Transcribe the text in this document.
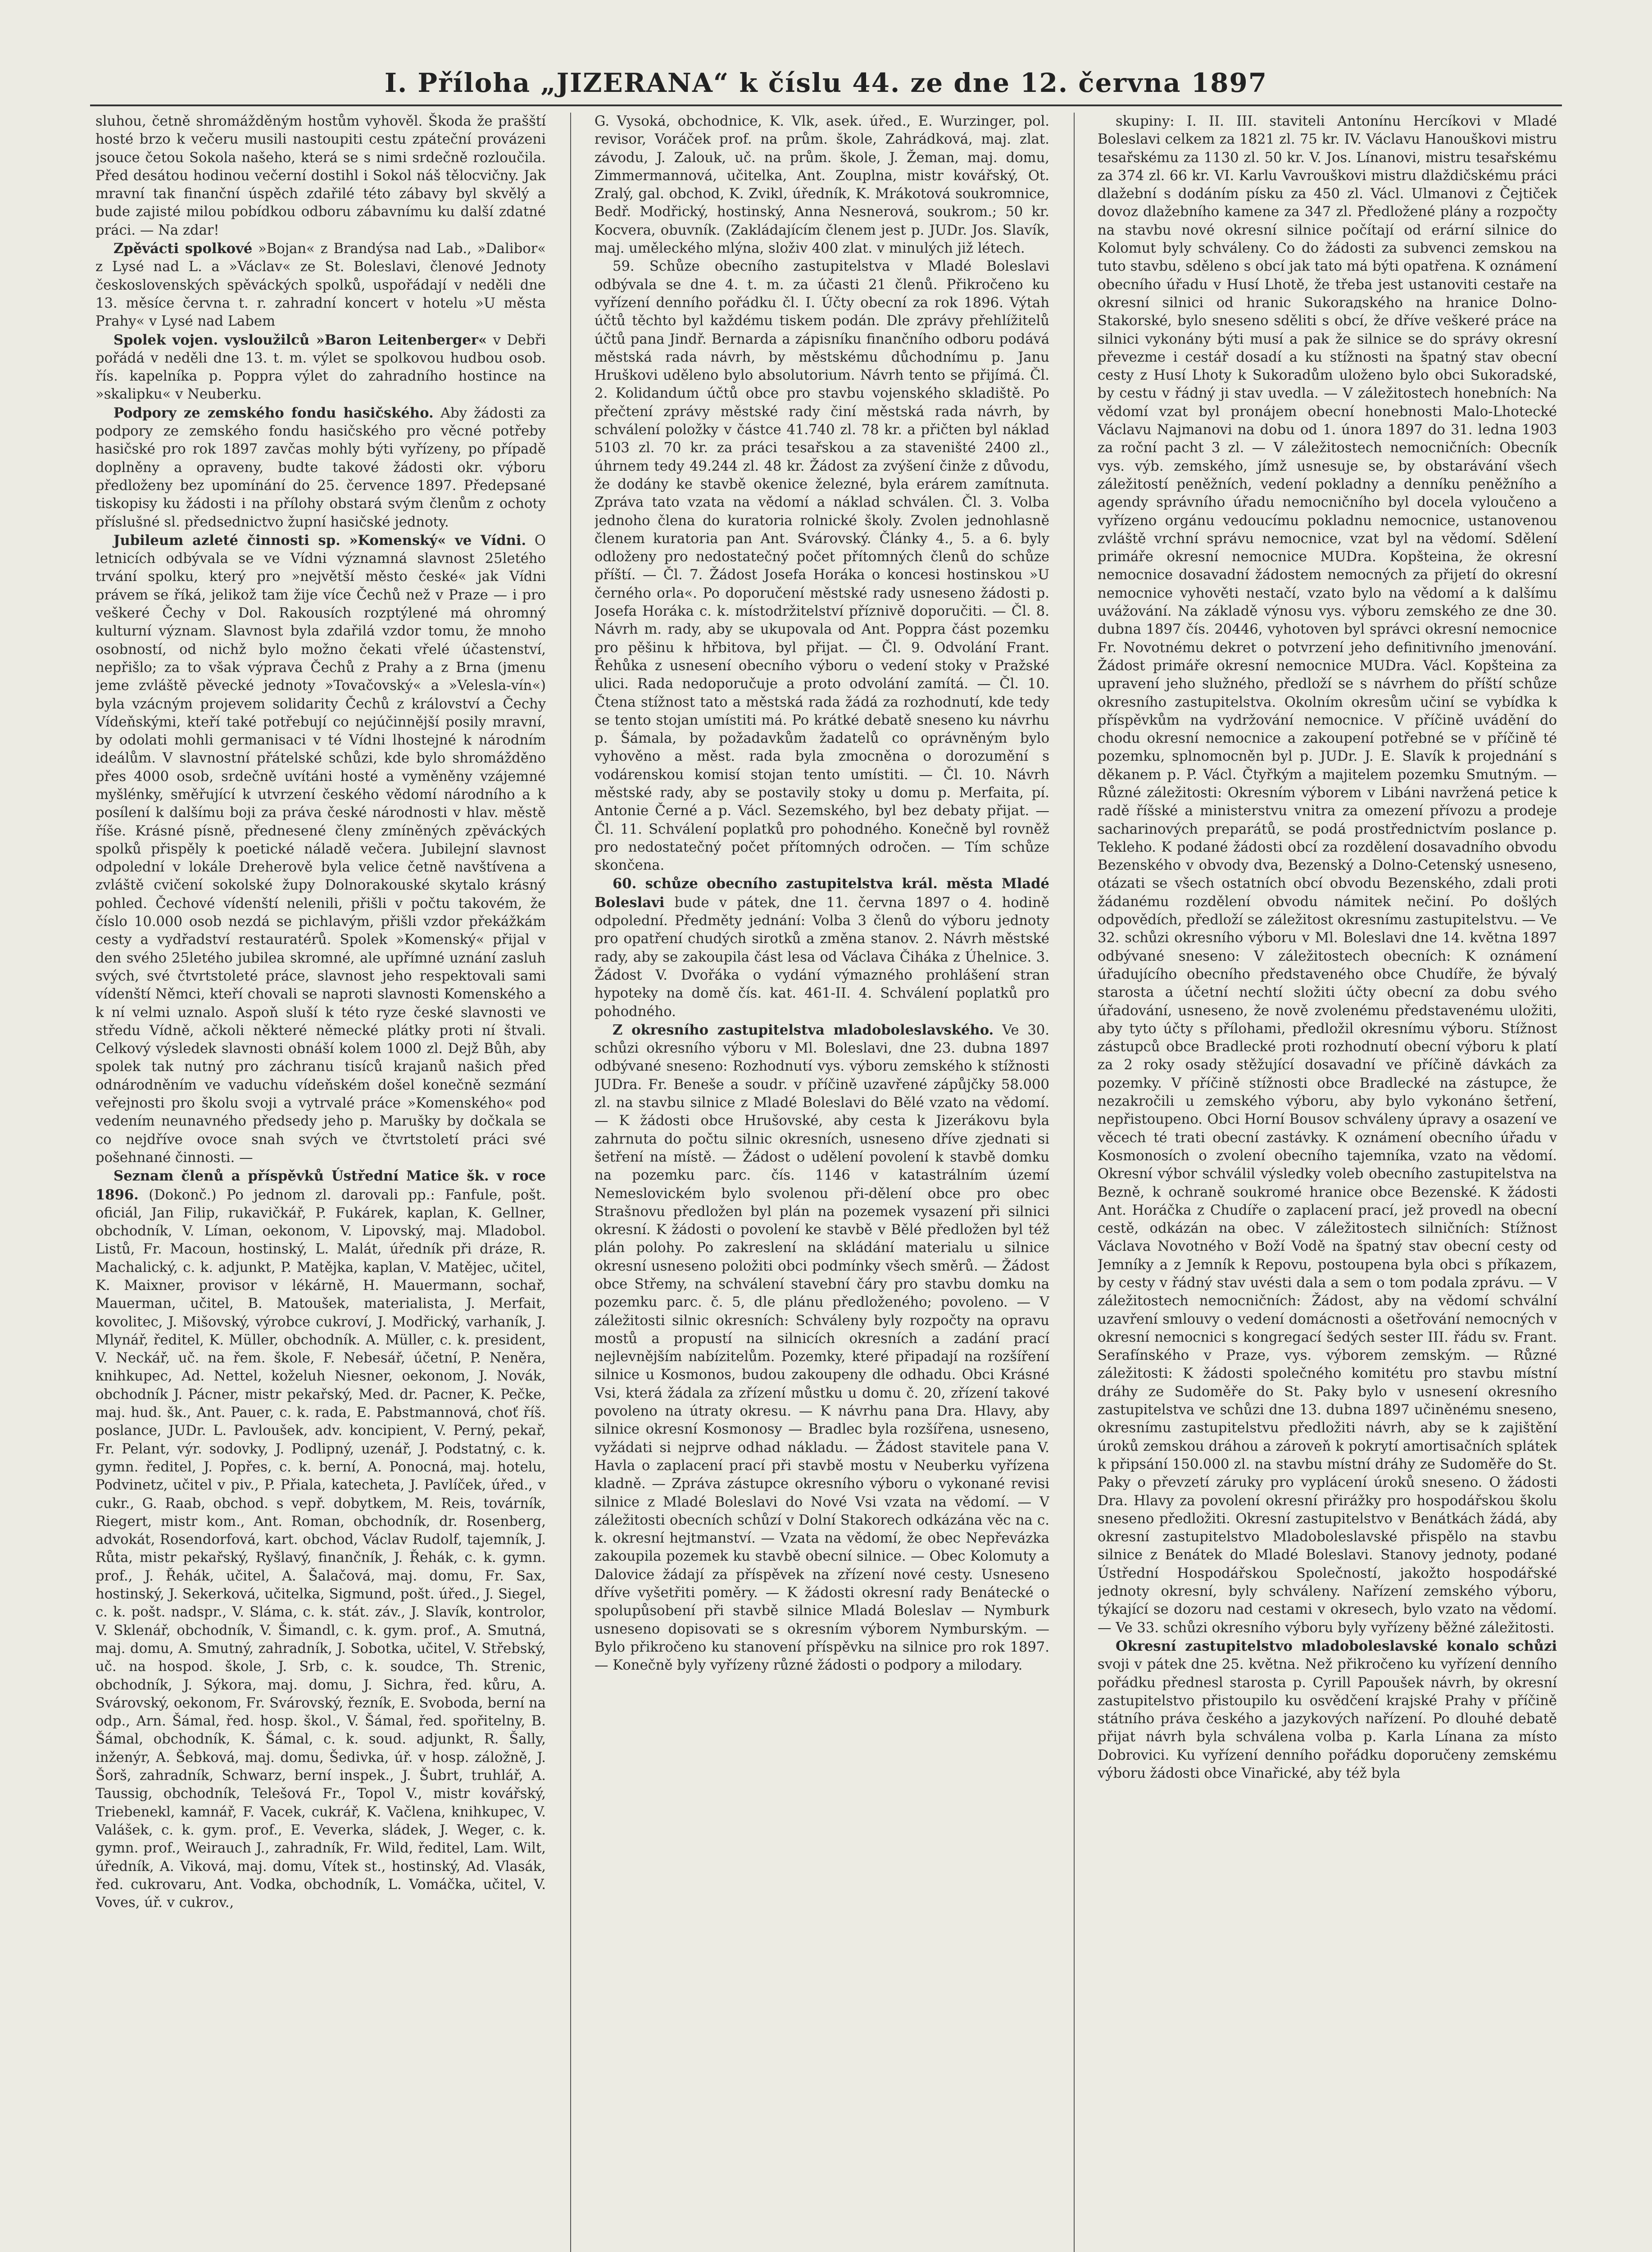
I. Příloha „JIZERANA“ k číslu 44. ze dne 12. června 1897

sluhou, četně shromážděným hostům vyhověl. Škoda že prašští hosté brzo k večeru musili nastoupiti cestu zpáteční provázeni jsouce četou Sokola našeho, která se s nimi srdečně rozloučila. Před desátou hodinou večerní dostihl i Sokol náš tělocvičny. Jak mravní tak finanční úspěch zdařilé této zábavy byl skvělý a bude zajisté milou pobídkou odboru zábavnímu ku další zdatné práci. — Na zdar!

Zpěvácti spolkové »Bojan« z Brandýsa nad Lab., »Dalibor« z Lysé nad L. a »Václav« ze St. Boleslavi, členové Jednoty československých spěváckých spolků, uspořádají v neděli dne 13. měsíce června t. r. zahradní koncert v hotelu »U města Prahy« v Lysé nad Labem

Spolek vojen. vysloužilců »Baron Leitenberger« v Debři pořádá v neděli dne 13. t. m. výlet se spolkovou hudbou osob. řís. kapelníka p. Poppra výlet do zahradního hostince na »skalipku« v Neuberku.

Podpory ze zemského fondu hasičského. Aby žádosti za podpory ze zemského fondu hasičského pro věcné potřeby hasičské pro rok 1897 zavčas mohly býti vyřízeny, po případě doplněny a opraveny, budte takové žádosti okr. výboru předloženy bez upomínání do 25. července 1897. Předepsané tiskopisy ku žádosti i na přílohy obstará svým členům z ochoty příslušné sl. předsednictvo župní hasičské jednoty.

Jubileum azleté činnosti sp. »Komenský« ve Vídni. O letnicích odbývala se ve Vídni významná slavnost 25letého trvání spolku, který pro »největší město české« jak Vídni právem se říká, jelikož tam žije více Čechů než v Praze — i pro veškeré Čechy v Dol. Rakousích rozptýlené má ohromný kulturní význam. Slavnost byla zdařilá vzdor tomu, že mnoho osobností, od nichž bylo možno čekati vřelé účastenství, nepřišlo; za to však výprava Čechů z Prahy a z Brna (jmenu jeme zvláště pěvecké jednoty »Tovačovský« a »Velesla-vín«) byla vzácným projevem solidarity Čechů z království a Čechy Vídeňskými, kteří také potřebují co nejúčinnější posily mravní, by odolati mohli germanisaci v té Vídni lhostejné k národním ideálům. V slavnostní přátelské schůzi, kde bylo shromážděno přes 4000 osob, srdečně uvítáni hosté a vyměněny vzájemné myšlénky, směřující k utvrzení českého vědomí národního a k posílení k dalšímu boji za práva české národnosti v hlav. městě říše. Krásné písně, přednesené členy zmíněných zpěváckých spolků přispěly k poetické náladě večera. Jubilejní slavnost odpolední v lokále Dreherově byla velice četně navštívena a zvláště cvičení sokolské župy Dolnorakouské skytalo krásný pohled. Čechové vídenští nelenili, přišli v počtu takovém, že číslo 10.000 osob nezdá se pichlavým, přišli vzdor překážkám cesty a vydřadství restauratérů. Spolek »Komenský« přijal v den svého 25letého jubilea skromné, ale upřímné uznání zasluh svých, své čtvrtstoleté práce, slavnost jeho respektovali sami vídenští Němci, kteří chovali se naproti slavnosti Komenského a k ní velmi uznalo. Aspoň sluší k této ryze české slavnosti ve středu Vídně, ačkoli některé německé plátky proti ní štvali. Celkový výsledek slavnosti obnáší kolem 1000 zl. Dejž Bůh, aby spolek tak nutný pro záchranu tisíců krajanů našich před odnárodněním ve vaduchu vídeňském došel konečně sezmání veřejnosti pro školu svoji a vytrvalé práce »Komenského« pod vedením neunavného předsedy jeho p. Marušky by dočkala se co nejdříve ovoce snah svých ve čtvrtstoletí práci své pošehnané činnosti. —

Seznam členů a příspěvků Ústřední Matice šk. v roce 1896. (Dokonč.) Po jednom zl. darovali pp.: Fanfule, pošt. oficiál, Jan Filip, rukavičkář, P. Fukárek, kaplan, K. Gellner, obchodník, V. Líman, oekonom, V. Lipovský, maj. Mladobol. Listů, Fr. Macoun, hostinský, L. Malát, úředník při dráze, R. Machalický, c. k. adjunkt, P. Matějka, kaplan, V. Matějec, učitel, K. Maixner, provisor v lékárně, H. Mauermann, sochař, Mauerman, učitel, B. Matoušek, materialista, J. Merfait, kovolitec, J. Mišovský, výrobce cukroví, J. Modřický, varhaník, J. Mlynář, ředitel, K. Müller, obchodník. A. Müller, c. k. president, V. Neckář, uč. na řem. škole, F. Nebesář, účetní, P. Neněra, knihkupec, Ad. Nettel, koželuh Niesner, oekonom, J. Novák, obchodník J. Pácner, mistr pekařský, Med. dr. Pacner, K. Pečke, maj. hud. šk., Ant. Pauer, c. k. rada, E. Pabstmannová, choť říš. poslance, JUDr. L. Pavloušek, adv. koncipient, V. Perný, pekař, Fr. Pelant, výr. sodovky, J. Podlipný, uzenář, J. Podstatný, c. k. gymn. ředitel, J. Popřes, c. k. berní, A. Ponocná, maj. hotelu, Podvinetz, učitel v piv., P. Přiala, katecheta, J. Pavlíček, úřed., v cukr., G. Raab, obchod. s vepř. dobytkem, M. Reis, továrník, Riegert, mistr kom., Ant. Roman, obchodník, dr. Rosenberg, advokát, Rosendorfová, kart. obchod, Václav Rudolf, tajemník, J. Růta, mistr pekařský, Ryšlavý, finančník, J. Řehák, c. k. gymn. prof., J. Řehák, učitel, A. Šalačová, maj. domu, Fr. Sax, hostinský, J. Sekerková, učitelka, Sigmund, pošt. úřed., J. Siegel, c. k. pošt. nadspr., V. Sláma, c. k. stát. záv., J. Slavík, kontrolor, V. Sklenář, obchodník, V. Šimandl, c. k. gym. prof., A. Smutná, maj. domu, A. Smutný, zahradník, J. Sobotka, učitel, V. Střebský, uč. na hospod. škole, J. Srb, c. k. soudce, Th. Strenic, obchodník, J. Sýkora, maj. domu, J. Sichra, řed. kůru, A. Svárovský, oekonom, Fr. Svárovský, řezník, E. Svoboda, berní na odp., Arn. Šámal, řed. hosp. škol., V. Šámal, řed. spořitelny, B. Šámal, obchodník, K. Šámal, c. k. soud. adjunkt, R. Šally, inženýr, A. Šebková, maj. domu, Šedivka, úř. v hosp. záložně, J. Šorš, zahradník, Schwarz, berní inspek., J. Šubrt, truhlář, A. Taussig, obchodník, Telešová Fr., Topol V., mistr kovářský, Triebenekl, kamnář, F. Vacek, cukrář, K. Vačlena, knihkupec, V. Valášek, c. k. gym. prof., E. Veverka, sládek, J. Weger, c. k. gymn. prof., Weirauch J., zahradník, Fr. Wild, ředitel, Lam. Wilt, úředník, A. Viková, maj. domu, Vítek st., hostinský, Ad. Vlasák, řed. cukrovaru, Ant. Vodka, obchodník, L. Vomáčka, učitel, V. Voves, úř. v cukrov.,

G. Vysoká, obchodnice, K. Vlk, asek. úřed., E. Wurzinger, pol. revisor, Voráček prof. na prům. škole, Zahrádková, maj. zlat. závodu, J. Zalouk, uč. na prům. škole, J. Žeman, maj. domu, Zimmermannová, učitelka, Ant. Zouplna, mistr kovářský, Ot. Zralý, gal. obchod, K. Zvikl, úředník, K. Mrákotová soukromnice, Bedř. Modřický, hostinský, Anna Nesnerová, soukrom.; 50 kr. Kocvera, obuvník. (Zakládajícím členem jest p. JUDr. Jos. Slavík, maj. uměleckého mlýna, složiv 400 zlat. v minulých již létech.

59. Schůze obecního zastupitelstva v Mladé Boleslavi odbývala se dne 4. t. m. za účasti 21 členů. Přikročeno ku vyřízení denního pořádku čl. I. Účty obecní za rok 1896. Výtah účtů těchto byl každému tiskem podán. Dle zprávy přehlížitelů účtů pana Jindř. Bernarda a zápisníku finančního odboru podává městská rada návrh, by městskému důchodnímu p. Janu Hruškovi uděleno bylo absolutorium. Návrh tento se přijímá. Čl. 2. Kolidandum účtů obce pro stavbu vojenského skladiště. Po přečtení zprávy městské rady činí městská rada návrh, by schválení položky v částce 41.740 zl. 78 kr. a přičten byl náklad 5103 zl. 70 kr. za práci tesařskou a za staveništé 2400 zl., úhrnem tedy 49.244 zl. 48 kr. Žádost za zvýšení činže z důvodu, že dodány ke stavbě okenice železné, byla erárem zamítnuta. Zpráva tato vzata na vědomí a náklad schválen. Čl. 3. Volba jednoho člena do kuratoria rolnické školy. Zvolen jednohlasně členem kuratoria pan Ant. Svárovský. Články 4., 5. a 6. byly odloženy pro nedostatečný počet přítomných členů do schůze příští. — Čl. 7. Žádost Josefa Horáka o koncesi hostinskou »U černého orla«. Po doporučení městské rady usneseno žádosti p. Josefa Horáka c. k. místodržitelství příznivě doporučiti. — Čl. 8. Návrh m. rady, aby se ukupovala od Ant. Poppra část pozemku pro pěšinu k hřbitova, byl přijat. — Čl. 9. Odvolání Frant. Řehůka z usnesení obecního výboru o vedení stoky v Pražské ulici. Rada nedoporučuje a proto odvolání zamítá. — Čl. 10. Čtena stížnost tato a městská rada žádá za rozhodnutí, kde tedy se tento stojan umístiti má. Po krátké debatě sneseno ku návrhu p. Šámala, by požadavkům žadatelů co oprávněným bylo vyhověno a měst. rada byla zmocněna o dorozumění s vodárenskou komisí stojan tento umístiti. — Čl. 10. Návrh městské rady, aby se postavily stoky u domu p. Merfaita, pí. Antonie Černé a p. Václ. Sezemského, byl bez debaty přijat. — Čl. 11. Schválení poplatků pro pohodného. Konečně byl rovněž pro nedostatečný počet přítomných odročen. — Tím schůze skončena.

60. schůze obecního zastupitelstva král. města Mladé Boleslavi bude v pátek, dne 11. června 1897 o 4. hodině odpolední. Předměty jednání: Volba 3 členů do výboru jednoty pro opatření chudých sirotků a změna stanov. 2. Návrh městské rady, aby se zakoupila část lesa od Václava Čiháka z Úhelnice. 3. Žádost V. Dvořáka o vydání výmazného prohlášení stran hypoteky na domě čís. kat. 461-II. 4. Schválení poplatků pro pohodného.

Z okresního zastupitelstva mladoboleslavského. Ve 30. schůzi okresního výboru v Ml. Boleslavi, dne 23. dubna 1897 odbývané sneseno: Rozhodnutí vys. výboru zemského k stížnosti JUDra. Fr. Beneše a soudr. v příčině uzavřené zápůjčky 58.000 zl. na stavbu silnice z Mladé Boleslavi do Bělé vzato na vědomí. — K žádosti obce Hrušovské, aby cesta k Jizerákovu byla zahrnuta do počtu silnic okresních, usneseno dříve zjednati si šetření na místě. — Žádost o udělení povolení k stavbě domku na pozemku parc. čís. 1146 v katastrálním území Nemeslovickém bylo svolenou při-dělení obce pro obec Strašnovu předložen byl plán na pozemek vysazení při silnici okresní. K žádosti o povolení ke stavbě v Bělé předložen byl též plán polohy. Po zakreslení na skládání materialu u silnice okresní usneseno položiti obci podmínky všech směrů. — Žádost obce Střemy, na schválení stavební čáry pro stavbu domku na pozemku parc. č. 5, dle plánu předloženého; povoleno. — V záležitosti silnic okresních: Schváleny byly rozpočty na opravu mostů a propustí na silnicích okresních a zadání prací nejlevnějším nabízitelům. Pozemky, které připadají na rozšíření silnice u Kosmonos, budou zakoupeny dle odhadu. Obci Krásné Vsi, která žádala za zřízení můstku u domu č. 20, zřízení takové povoleno na útraty okresu. — K návrhu pana Dra. Hlavy, aby silnice okresní Kosmonosy — Bradlec byla rozšířena, usneseno, vyžádati si nejprve odhad nákladu. — Žádost stavitele pana V. Havla o zaplacení prací při stavbě mostu v Neuberku vyřízena kladně. — Zpráva zástupce okresního výboru o vykonané revisi silnice z Mladé Boleslavi do Nové Vsi vzata na vědomí. — V záležitosti obecních schůzí v Dolní Stakorech odkázána věc na c. k. okresní hejtmanství. — Vzata na vědomí, že obec Nepřevázka zakoupila pozemek ku stavbě obecní silnice. — Obec Kolomuty a Dalovice žádají za příspěvek na zřízení nové cesty. Usneseno dříve vyšetřiti poměry. — K žádosti okresní rady Benátecké o spolupůsobení při stavbě silnice Mladá Boleslav — Nymburk usneseno dopisovati se s okresním výborem Nymburským. — Bylo přikročeno ku stanovení příspěvku na silnice pro rok 1897. — Konečně byly vyřízeny různé žádosti o podpory a milodary.

skupiny: I. II. III. staviteli Antonínu Hercíkovi v Mladé Boleslavi celkem za 1821 zl. 75 kr. IV. Václavu Hanouškovi mistru tesařskému za 1130 zl. 50 kr. V. Jos. Línanovi, mistru tesařskému za 374 zl. 66 kr. VI. Karlu Vavrouškovi mistru dlaždičskému práci dlažební s dodáním písku za 450 zl. Václ. Ulmanovi z Čejtiček dovoz dlažebního kamene za 347 zl. Předložené plány a rozpočty na stavbu nové okresní silnice počítají od erární silnice do Kolomut byly schváleny. Co do žádosti za subvenci zemskou na tuto stavbu, sděleno s obcí jak tato má býti opatřena. K oznámení obecního úřadu v Husí Lhotě, že třeba jest ustanoviti cestaře na okresní silnici od hranic Sukorадského na hranice Dolno-Stakorské, bylo sneseno sděliti s obcí, že dříve veškeré práce na silnici vykonány býti musí a pak že silnice se do správy okresní převezme i cestář dosadí a ku stížnosti na špatný stav obecní cesty z Husí Lhoty k Sukoradům uloženo bylo obci Sukoradské, by cestu v řádný ji stav uvedla. — V záležitostech honebních: Na vědomí vzat byl pronájem obecní honebnosti Malo-Lhotecké Václavu Najmanovi na dobu od 1. února 1897 do 31. ledna 1903 za roční pacht 3 zl. — V záležitostech nemocničních: Obecník vys. výb. zemského, jímž usnesuje se, by obstarávání všech záležitostí peněžních, vedení pokladny a denníku peněžního a agendy správního úřadu nemocničního byl docela vyloučeno a vyřízeno orgánu vedoucímu pokladnu nemocnice, ustanovenou zvláště vrchní správu nemocnice, vzat byl na vědomí. Sdělení primáře okresní nemocnice MUDra. Kopšteina, že okresní nemocnice dosavadní žádostem nemocných za přijetí do okresní nemocnice vyhověti nestačí, vzato bylo na vědomí a k dalšímu uvážování. Na základě výnosu vys. výboru zemského ze dne 30. dubna 1897 čís. 20446, vyhotoven byl správci okresní nemocnice Fr. Novotnému dekret o potvrzení jeho definitivního jmenování. Žádost primáře okresní nemocnice MUDra. Václ. Kopšteina za upravení jeho služného, předloží se s návrhem do příští schůze okresního zastupitelstva. Okolním okresům učiní se vybídka k příspěvkům na vydržování nemocnice. V příčině uvádění do chodu okresní nemocnice a zakoupení potřebné se v příčině té pozemku, splnomocněn byl p. JUDr. J. E. Slavík k projednání s děkanem p. P. Václ. Čtyřkým a majitelem pozemku Smutným. — Různé záležitosti: Okresním výborem v Libáni navržená petice k radě říšské a ministerstvu vnitra za omezení přívozu a prodeje sacharinových preparátů, se podá prostřednictvím poslance p. Tekleho. K podané žádosti obcí za rozdělení dosavadního obvodu Bezenského v obvody dva, Bezenský a Dolno-Cetenský usneseno, otázati se všech ostatních obcí obvodu Bezenského, zdali proti žádanému rozdělení obvodu námitek nečiní. Po došlých odpovědích, předloží se záležitost okresnímu zastupitelstvu. — Ve 32. schůzi okresního výboru v Ml. Boleslavi dne 14. května 1897 odbývané sneseno: V záležitostech obecních: K oznámení úřadujícího obecního představeného obce Chudíře, že bývalý starosta a účetní nechtí složiti účty obecní za dobu svého úřadování, usneseno, že nově zvolenému představenému uložiti, aby tyto účty s přílohami, předložil okresnímu výboru. Stížnost zástupců obce Bradlecké proti rozhodnutí obecní výboru k platí za 2 roky osady stěžující dosavadní ve příčině dávkách za pozemky. V příčině stížnosti obce Bradlecké na zástupce, že nezakročili u zemského výboru, aby bylo vykonáno šetření, nepřistoupeno. Obci Horní Bousov schváleny úpravy a osazení ve věcech té trati obecní zastávky. K oznámení obecního úřadu v Kosmonosích o zvolení obecního tajemníka, vzato na vědomí. Okresní výbor schválil výsledky voleb obecního zastupitelstva na Bezně, k ochraně soukromé hranice obce Bezenské. K žádosti Ant. Horáčka z Chudíře o zaplacení prací, jež provedl na obecní cestě, odkázán na obec. V záležitostech silničních: Stížnost Václava Novotného v Boží Vodě na špatný stav obecní cesty od Jemníky a z Jemník k Repovu, postoupena byla obci s příkazem, by cesty v řádný stav uvésti dala a sem o tom podala zprávu. — V záležitostech nemocničních: Žádost, aby na vědomí schvální uzavření smlouvy o vedení domácnosti a ošetřování nemocných v okresní nemocnici s kongregací šedých sester III. řádu sv. Frant. Serafínského v Praze, vys. výborem zemským. — Různé záležitosti: K žádosti společného komitétu pro stavbu místní dráhy ze Sudoměře do St. Paky bylo v usnesení okresního zastupitelstva ve schůzi dne 13. dubna 1897 učiněnému sneseno, okresnímu zastupitelstvu předložiti návrh, aby se k zajištění úroků zemskou dráhou a zároveň k pokrytí amortisačních splátek k připsání 150.000 zl. na stavbu místní dráhy ze Sudoměře do St. Paky o převzetí záruky pro vyplácení úroků sneseno. O žádosti Dra. Hlavy za povolení okresní přirážky pro hospodářskou školu sneseno předložiti. Okresní zastupitelstvo v Benátkách žádá, aby okresní zastupitelstvo Mladoboleslavské přispělo na stavbu silnice z Benátek do Mladé Boleslavi. Stanovy jednoty, podané Ústřední Hospodářskou Společností, jakožto hospodářské jednoty okresní, byly schváleny. Nařízení zemského výboru, týkající se dozoru nad cestami v okresech, bylo vzato na vědomí. — Ve 33. schůzi okresního výboru byly vyřízeny běžné záležitosti.

Okresní zastupitelstvo mladoboleslavské konalo schůzi svoji v pátek dne 25. května. Než přikročeno ku vyřízení denního pořádku přednesl starosta p. Cyrill Papoušek návrh, by okresní zastupitelstvo přistoupilo ku osvědčení krajské Prahy v příčině státního práva českého a jazykových nařízení. Po dlouhé debatě přijat návrh byla schválena volba p. Karla Línana za místo Dobrovici. Ku vyřízení denního pořádku doporučeny zemskému výboru žádosti obce Vinařické, aby též byla
